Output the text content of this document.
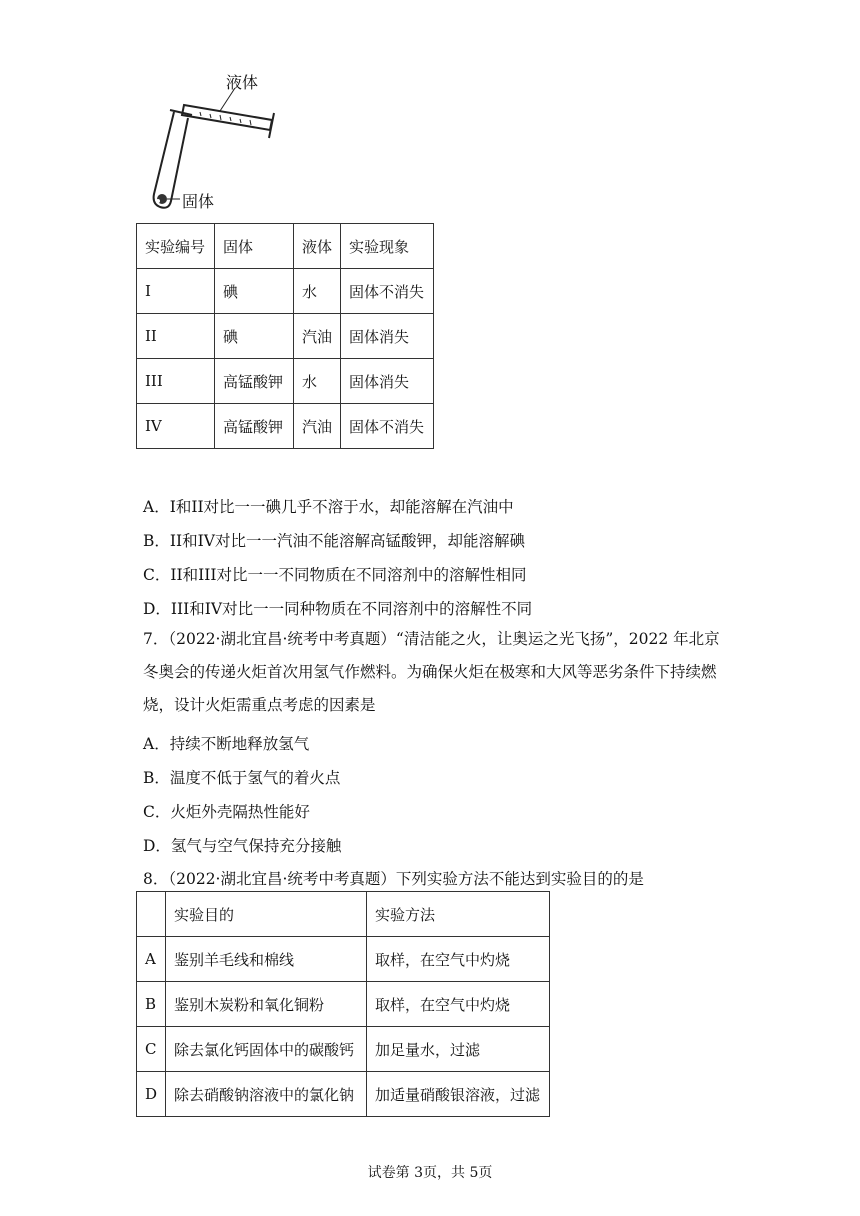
液体
固体
实验编号	固体	液体	实验现象
I	碘	水	固体不消失
II	碘	汽油	固体消失
III	高锰酸钾	水	固体消失
IV	高锰酸钾	汽油	固体不消失
A．I和II对比一一碘几乎不溶于水，却能溶解在汽油中
B．II和IV对比一一汽油不能溶解高锰酸钾，却能溶解碘
C．II和III对比一一不同物质在不同溶剂中的溶解性相同
D．III和IV对比一一同种物质在不同溶剂中的溶解性不同
7．（2022·湖北宜昌·统考中考真题）“清洁能之火，让奥运之光飞扬”，2022 年北京冬奥会的传递火炬首次用氢气作燃料。为确保火炬在极寒和大风等恶劣条件下持续燃烧，设计火炬需重点考虑的因素是
A．持续不断地释放氢气
B．温度不低于氢气的着火点
C．火炬外壳隔热性能好
D．氢气与空气保持充分接触
8．（2022·湖北宜昌·统考中考真题）下列实验方法不能达到实验目的的是
	实验目的	实验方法
A	鉴别羊毛线和棉线	取样，在空气中灼烧
B	鉴别木炭粉和氧化铜粉	取样，在空气中灼烧
C	除去氯化钙固体中的碳酸钙	加足量水，过滤
D	除去硝酸钠溶液中的氯化钠	加适量硝酸银溶液，过滤
试卷第 3页，共 5页
